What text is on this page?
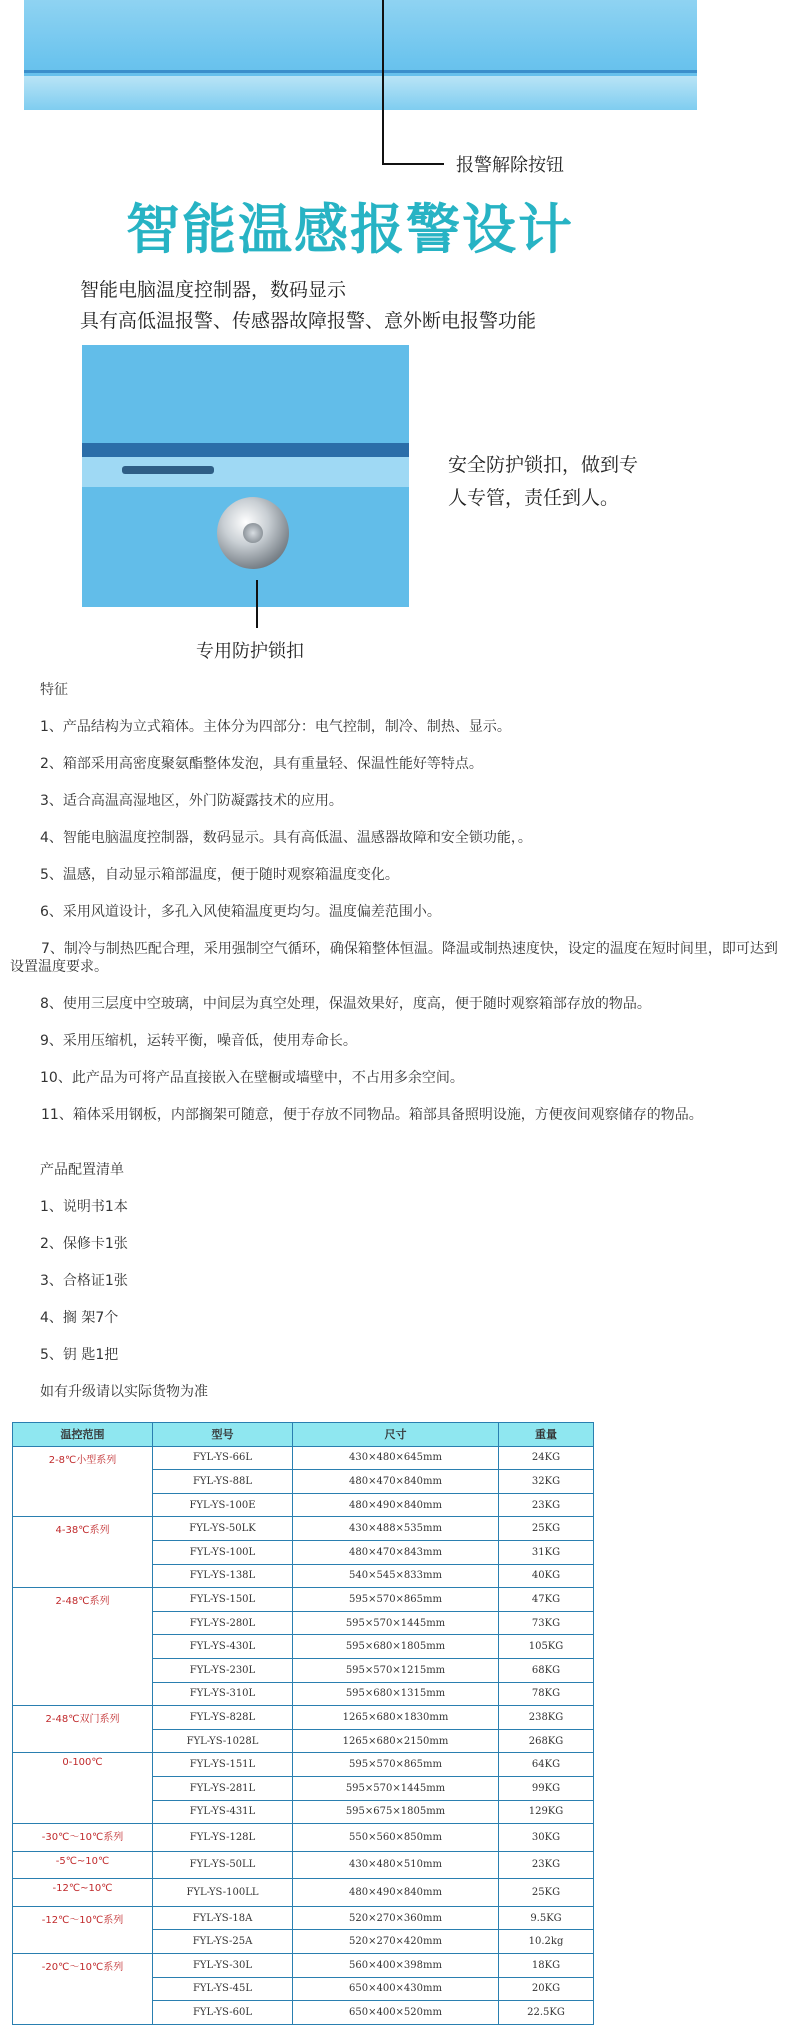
报警解除按钮
智能温感报警设计
智能电脑温度控制器，数码显示
具有高低温报警、传感器故障报警、意外断电报警功能
安全防护锁扣，做到专
人专管，责任到人。
专用防护锁扣
特征
1、产品结构为立式箱体。主体分为四部分：电气控制，制冷、制热、显示。
2、箱部采用高密度聚氨酯整体发泡，具有重量轻、保温性能好等特点。
3、适合高温高湿地区，外门防凝露技术的应用。
4、智能电脑温度控制器，数码显示。具有高低温、温感器故障和安全锁功能，。
5、温感，自动显示箱部温度，便于随时观察箱温度变化。
6、采用风道设计，多孔入风使箱温度更均匀。温度偏差范围小。
7、制冷与制热匹配合理，采用强制空气循环，确保箱整体恒温。降温或制热速度快，设定的温度在短时间里，即可达到设置温度要求。
8、使用三层度中空玻璃，中间层为真空处理，保温效果好，度高，便于随时观察箱部存放的物品。
9、采用压缩机，运转平衡，噪音低，使用寿命长。
10、此产品为可将产品直接嵌入在壁橱或墙壁中，不占用多余空间。
11、箱体采用钢板，内部搁架可随意，便于存放不同物品。箱部具备照明设施，方便夜间观察储存的物品。
产品配置清单
1、说明书1本
2、保修卡1张
3、合格证1张
4、搁 架7个
5、钥 匙1把
如有升级请以实际货物为准
温控范围	型号	尺寸	重量
2-8℃小型系列	FYL-YS-66L	430×480×645mm	24KG
	FYL-YS-88L	480×470×840mm	32KG
	FYL-YS-100E	480×490×840mm	23KG
4-38℃系列	FYL-YS-50LK	430×488×535mm	25KG
	FYL-YS-100L	480×470×843mm	31KG
	FYL-YS-138L	540×545×833mm	40KG
2-48℃系列	FYL-YS-150L	595×570×865mm	47KG
	FYL-YS-280L	595×570×1445mm	73KG
	FYL-YS-430L	595×680×1805mm	105KG
	FYL-YS-230L	595×570×1215mm	68KG
	FYL-YS-310L	595×680×1315mm	78KG
2-48℃双门系列	FYL-YS-828L	1265×680×1830mm	238KG
	FYL-YS-1028L	1265×680×2150mm	268KG
0-100℃	FYL-YS-151L	595×570×865mm	64KG
	FYL-YS-281L	595×570×1445mm	99KG
	FYL-YS-431L	595×675×1805mm	129KG
-30℃～10℃系列	FYL-YS-128L	550×560×850mm	30KG
-5℃~10℃	FYL-YS-50LL	430×480×510mm	23KG
-12℃~10℃	FYL-YS-100LL	480×490×840mm	25KG
-12℃～10℃系列	FYL-YS-18A	520×270×360mm	9.5KG
	FYL-YS-25A	520×270×420mm	10.2kg
-20℃～10℃系列	FYL-YS-30L	560×400×398mm	18KG
	FYL-YS-45L	650×400×430mm	20KG
	FYL-YS-60L	650×400×520mm	22.5KG
